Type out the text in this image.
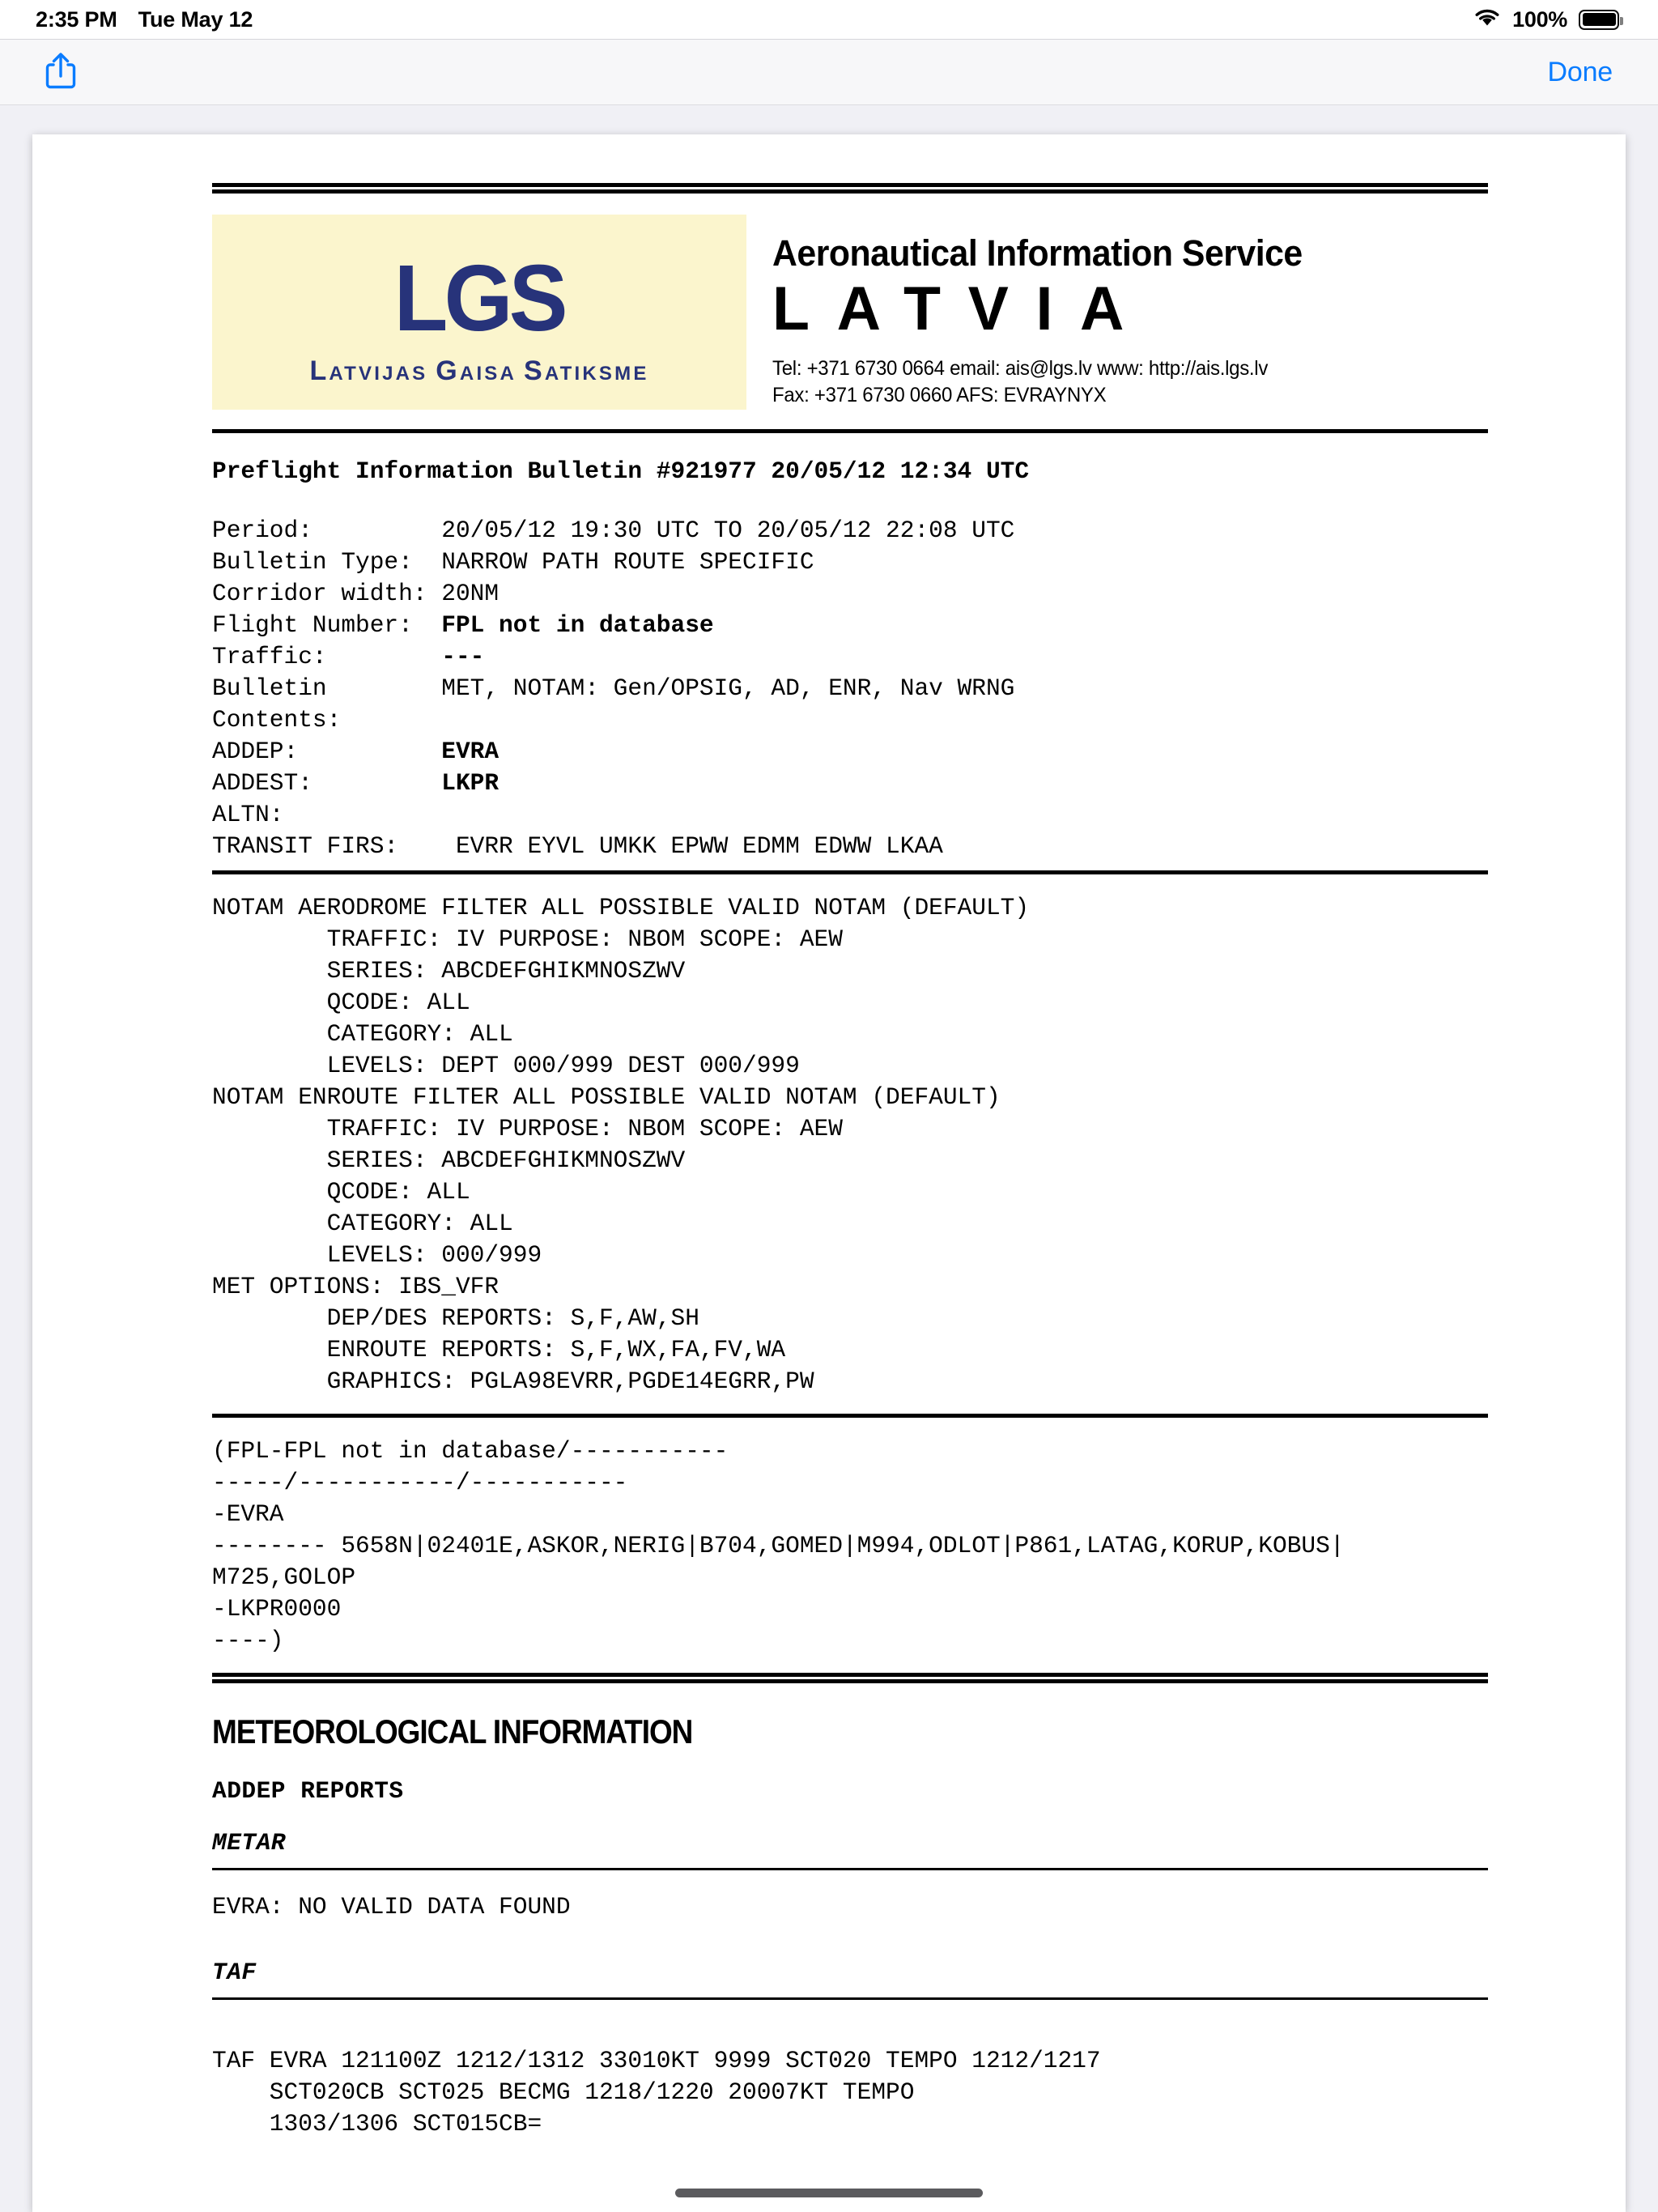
2:35 PM Tue May 12	100%
Done
LGS
LATVIJAS GAISA SATIKSME
Aeronautical Information Service
LATVIA
Tel: +371 6730 0664 email: ais@lgs.lv www: http://ais.lgs.lv
Fax: +371 6730 0660 AFS: EVRAYNYX
Preflight Information Bulletin #921977 20/05/12 12:34 UTC
Period:         20/05/12 19:30 UTC TO 20/05/12 22:08 UTC
Bulletin Type:  NARROW PATH ROUTE SPECIFIC
Corridor width: 20NM
Flight Number:  FPL not in database
Traffic:        ---
Bulletin        MET, NOTAM: Gen/OPSIG, AD, ENR, Nav WRNG
Contents:
ADDEP:          EVRA
ADDEST:         LKPR
ALTN:
TRANSIT FIRS:    EVRR EYVL UMKK EPWW EDMM EDWW LKAA
NOTAM AERODROME FILTER ALL POSSIBLE VALID NOTAM (DEFAULT)
TRAFFIC: IV PURPOSE: NBOM SCOPE: AEW
SERIES: ABCDEFGHIKMNOSZWV
QCODE: ALL
CATEGORY: ALL
LEVELS: DEPT 000/999 DEST 000/999
NOTAM ENROUTE FILTER ALL POSSIBLE VALID NOTAM (DEFAULT)
TRAFFIC: IV PURPOSE: NBOM SCOPE: AEW
SERIES: ABCDEFGHIKMNOSZWV
QCODE: ALL
CATEGORY: ALL
LEVELS: 000/999
MET OPTIONS: IBS_VFR
DEP/DES REPORTS: S,F,AW,SH
ENROUTE REPORTS: S,F,WX,FA,FV,WA
GRAPHICS: PGLA98EVRR,PGDE14EGRR,PW
(FPL-FPL not in database/-----------
-----/-----------/-----------
-EVRA
-------- 5658N|02401E,ASKOR,NERIG|B704,GOMED|M994,ODLOT|P861,LATAG,KORUP,KOBUS|
M725,GOLOP
-LKPR0000
----)
METEOROLOGICAL INFORMATION
ADDEP REPORTS
METAR
EVRA: NO VALID DATA FOUND
TAF
TAF EVRA 121100Z 1212/1312 33010KT 9999 SCT020 TEMPO 1212/1217
SCT020CB SCT025 BECMG 1218/1220 20007KT TEMPO
1303/1306 SCT015CB=
